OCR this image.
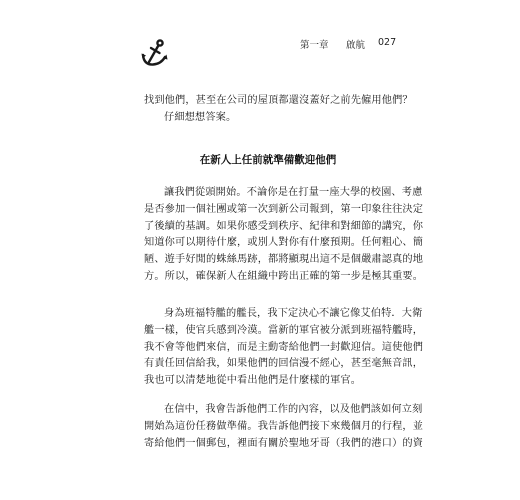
第一章 啟航 027
找到他們，甚至在公司的屋頂都還沒蓋好之前先僱用他們？
仔細想想答案。
在新人上任前就準備歡迎他們
讓我們從頭開始。不論你是在打量一座大學的校園、考慮
是否參加一個社團或第一次到新公司報到，第一印象往往決定
了後續的基調。如果你感受到秩序、紀律和對細節的講究，你
知道你可以期待什麼，或別人對你有什麼預期。任何粗心、簡
陋、遊手好閒的蛛絲馬跡，都將顯現出這不是個嚴肅認真的地
方。所以，確保新人在組織中跨出正確的第一步是極其重要。
身為班福特艦的艦長，我下定決心不讓它像艾伯特．大衛
艦一樣，使官兵感到冷漠。當新的軍官被分派到班福特艦時，
我不會等他們來信，而是主動寄給他們一封歡迎信。這使他們
有責任回信給我，如果他們的回信漫不經心，甚至毫無音訊，
我也可以清楚地從中看出他們是什麼樣的軍官。
在信中，我會告訴他們工作的內容，以及他們該如何立刻
開始為這份任務做準備。我告訴他們接下來幾個月的行程，並
寄給他們一個郵包，裡面有關於聖地牙哥（我們的港口）的資
